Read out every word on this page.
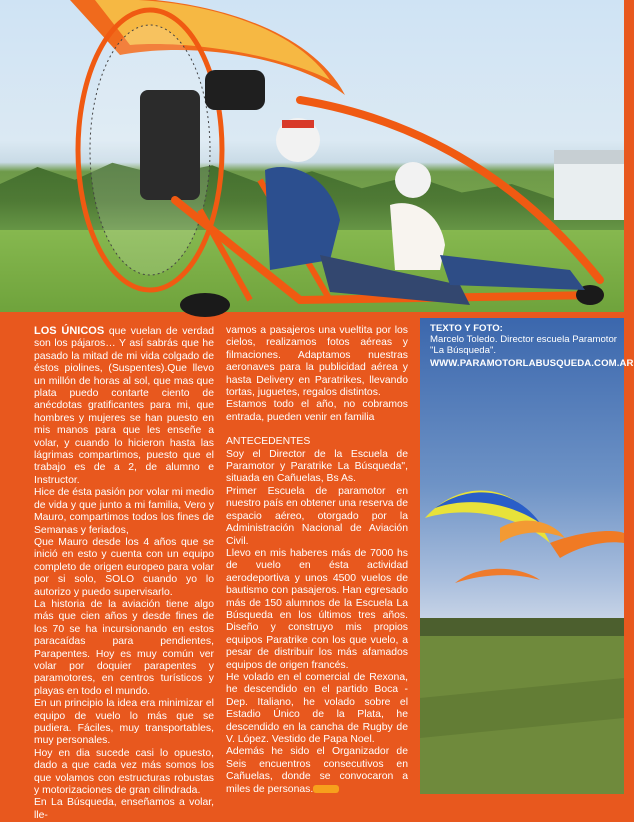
LOS ÚNICOS que vuelan de verdad son los pájaros… Y así sabrás que he pasado la mitad de mi vida colgado de éstos piolines, (Suspentes).Que llevo un millón de horas al sol, que mas que plata puedo contarte ciento de anécdotas gratificantes para mi, que hombres y mujeres se han puesto en mis manos para que les enseñe a volar, y cuando lo hicieron hasta las lágrimas compartimos, puesto que el trabajo es de a 2, de alumno e Instructor.

Hice de ésta pasión por volar mi medio de vida y que junto a mi familia, Vero y Mauro, compartimos todos los fines de Semanas y feriados,

Que Mauro desde los 4 años que se inició en esto y cuenta con un equipo completo de origen europeo para volar por si solo, SOLO cuando yo lo autorizo y puedo supervisarlo.

La historia de la aviación tiene algo más que cien años y desde fines de los 70 se ha incursionando en estos paracaídas para pendientes, Parapentes. Hoy es muy común ver volar por doquier parapentes y paramotores, en centros turísticos y playas en todo el mundo.

En un principio la idea era minimizar el equipo de vuelo lo más que se pudiera. Fáciles, muy transportables, muy personales.

Hoy en dia sucede casi lo opuesto, dado a que cada vez más somos los que volamos con estructuras robustas y motorizaciones de gran cilindrada.

En La Búsqueda, enseñamos a volar, lle-

vamos a pasajeros una vueltita por los cielos, realizamos fotos aéreas y filmaciones. Adaptamos nuestras aeronaves para la publicidad aérea y hasta Delivery en Paratrikes, llevando tortas, juguetes, regalos distintos.

Estamos todo el año, no cobramos entrada, pueden venir en familia

ANTECEDENTES

Soy el Director de la Escuela de Paramotor y Paratrike La Búsqueda", situada en Cañuelas, Bs As.

Primer Escuela de paramotor en nuestro país en obtener una reserva de espacio aéreo, otorgado por la Administración Nacional de Aviación Civil.

Llevo en mis haberes más de 7000 hs de vuelo en ésta actividad aerodeportiva y unos 4500 vuelos de bautismo con pasajeros. Han egresado más de 150 alumnos de la Escuela La Búsqueda en los últimos tres años. Diseño y construyo mis propios equipos Paratrike con los que vuelo, a pesar de distribuir los más afamados equipos de origen francés.

He volado en el comercial de Rexona, he descendido en el partido Boca - Dep. Italiano, he volado sobre el Estadio Único de la Plata, he descendido en la cancha de Rugby de V. López. Vestido de Papa Noel.

Además he sido el Organizador de Seis encuentros consecutivos en Cañuelas, donde se convocaron a miles de personas.

TEXTO Y FOTO:
Marcelo Toledo. Director escuela Paramotor "La Búsqueda".
WWW.PARAMOTORLABUSQUEDA.COM.AR
